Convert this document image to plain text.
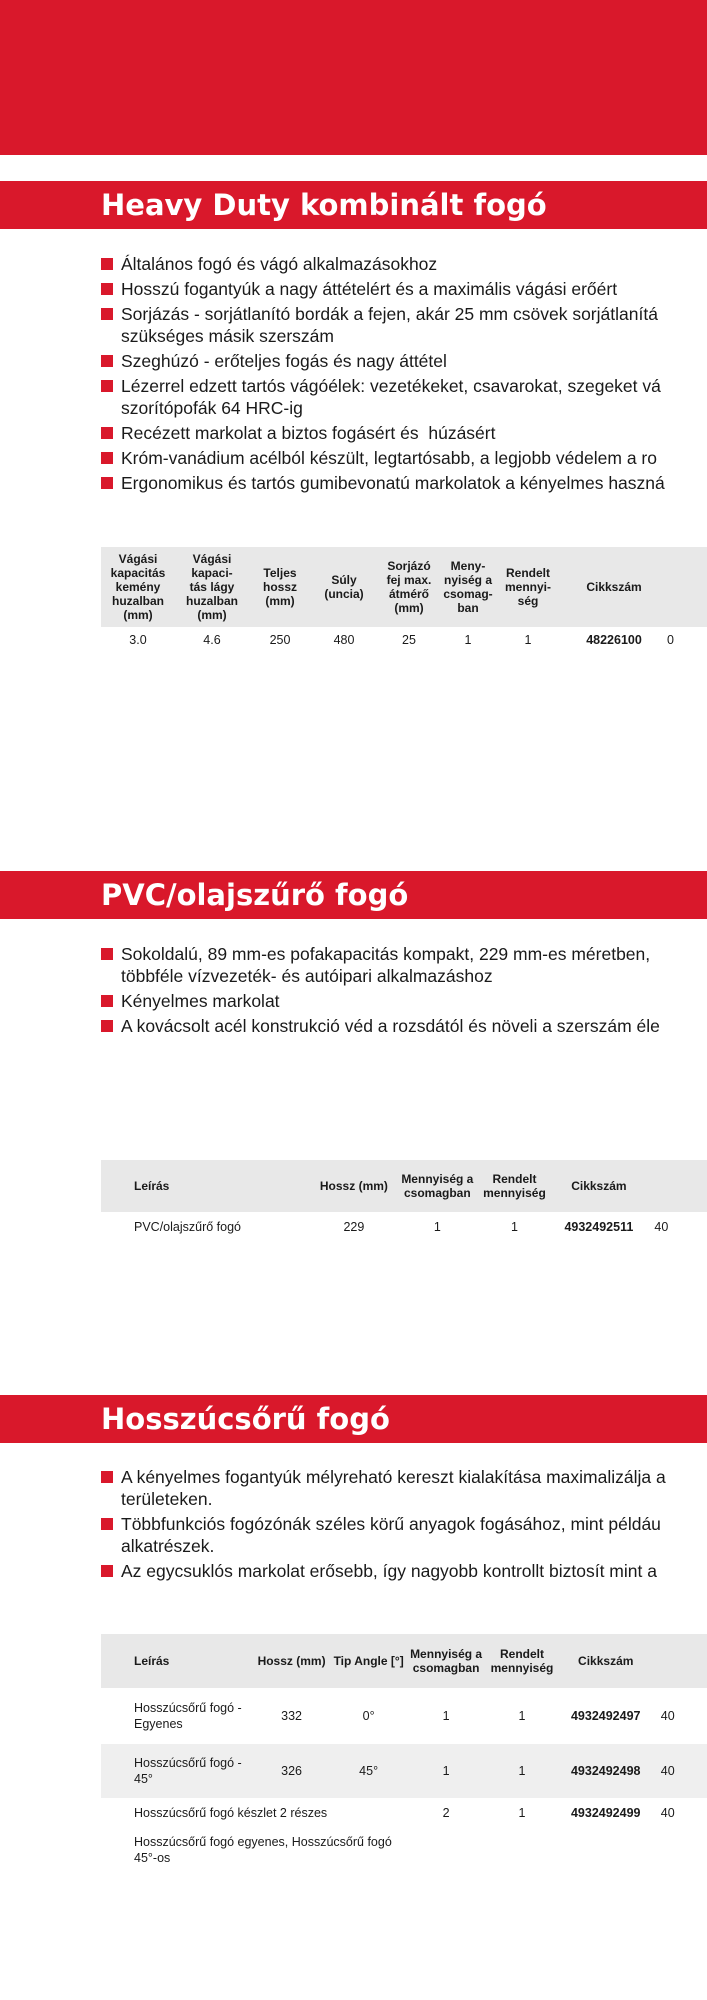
Heavy Duty kombinált fogó
Általános fogó és vágó alkalmazásokhoz
Hosszú fogantyúk a nagy áttételért és a maximális vágási erőért
Sorjázás - sorjátlanító bordák a fejen, akár 25 mm csövek sorjátlanítá
szükséges másik szerszám
Szeghúzó - erőteljes fogás és nagy áttétel
Lézerrel edzett tartós vágóélek: vezetékeket, csavarokat, szegeket vá
szorítópofák 64 HRC-ig
Recézett markolat a biztos fogásért és  húzásért
Króm-vanádium acélból készült, legtartósabb, a legjobb védelem a ro
Ergonomikus és tartós gumibevonatú markolatok a kényelmes haszná
Vágási
kapacitás
kemény
huzalban
(mm)	Vágási
kapaci-
tás lágy
huzalban
(mm)	Teljes
hossz
(mm)	Súly
(uncia)	Sorjázó
fej max.
átmérő
(mm)	Meny-
nyiség a
csomag-
ban	Rendelt
mennyi-
ség	Cikkszám	
3.0	4.6	250	480	25	1	1	48226100	0
PVC/olajszűrő fogó
Sokoldalú, 89 mm-es pofakapacitás kompakt, 229 mm-es méretben,
többféle vízvezeték- és autóipari alkalmazáshoz
Kényelmes markolat
A kovácsolt acél konstrukció véd a rozsdától és növeli a szerszám éle
Leírás	Hossz (mm)	Mennyiség a
csomagban	Rendelt
mennyiség	Cikkszám	
PVC/olajszűrő fogó	229	1	1	4932492511	40
Hosszúcsőrű fogó
A kényelmes fogantyúk mélyreható kereszt kialakítása maximalizálja a
területeken.
Többfunkciós fogózónák széles körű anyagok fogásához, mint példáu
alkatrészek.
Az egycsuklós markolat erősebb, így nagyobb kontrollt biztosít mint a
Leírás	Hossz (mm)	Tip Angle [°]	Mennyiség a
csomagban	Rendelt
mennyiség	Cikkszám	
Hosszúcsőrű fogó - Egyenes	332	0°	1	1	4932492497	40
Hosszúcsőrű fogó - 45°	326	45°	1	1	4932492498	40
Hosszúcsőrű fogó készlet 2 részes			2	1	4932492499	40
Hosszúcsőrű fogó egyenes, Hosszúcsőrű fogó 45°-os						
